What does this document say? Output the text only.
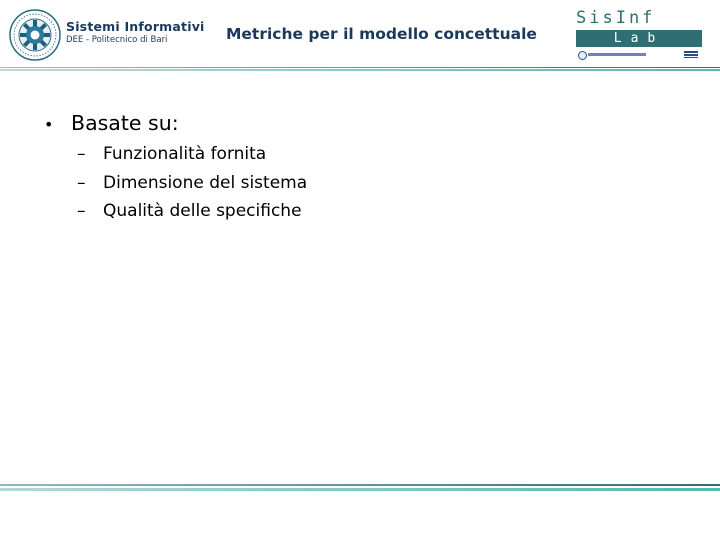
Sistemi Informativi
DEE - Politecnico di Bari	Metriche per il modello concettuale
SisInf
Lab
• Basate su:
–	Funzionalità fornita
–	Dimensione del sistema
–	Qualità delle specifiche
